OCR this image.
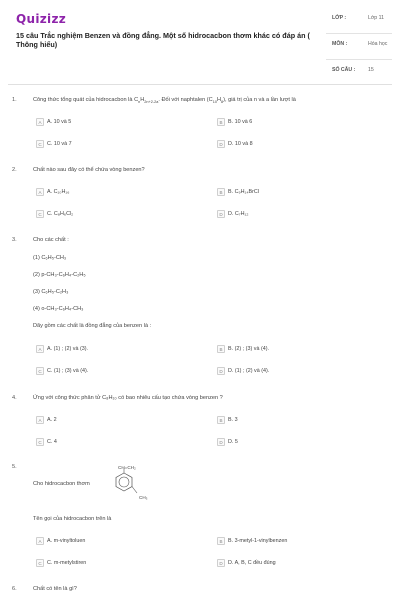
Quizizz
15 câu Trắc nghiệm Benzen và đồng đẳng. Một số hidrocacbon thơm khác có đáp án ( Thông hiểu)
LỚP :	Lớp 11
MÔN :	Hóa học
SỐ CÂU : 15
1.	Công thức tổng quát của hidrocacbon là $C_nH_{2n+2-2a}$. Đối với naphtalen $(C_{10}H_8)$, giá trị của n và a lần lượt là
A A. 10 và 5	B B. 10 và 6
C C. 10 và 7	D D. 10 và 8
2.	Chất nào sau đây có thể chứa vòng benzen?
A A. C₁₀H₁₆	B B. C₉H₁₄BrCl
C C. C₈H₆Cl₂	D D. C₇H₁₂
3.	Cho các chất :
(1) C₆H₅-CH₃
(2) p-CH₃-C₆H₄-C₂H₅
(3) C₆H₅-C₂H₃
(4) o-CH₃-C₆H₄-CH₃
Dãy gồm các chất là đồng đẳng của benzen là :
A A. (1) ; (2) và (3).	B B. (2) ; (3) và (4).
C C. (1) ; (3) và (4).	D D. (1) ; (2) và (4).
4.	Ứng với công thức phân tử C₈H₁₀ có bao nhiêu cấu tạo chứa vòng benzen ?
A A. 2	B B. 3
C C. 4	D D. 5
5.
Cho hidrocacbon thơm
CH=CH₂
CH₃
Tên gọi của hidrocacbon trên là
A A. m-vinyltoluen	B B. 3-metyl-1-vinylbenzen
C C. m-metylstiren	D D. A, B, C đều đúng
6.	Chất có tên là gì?
